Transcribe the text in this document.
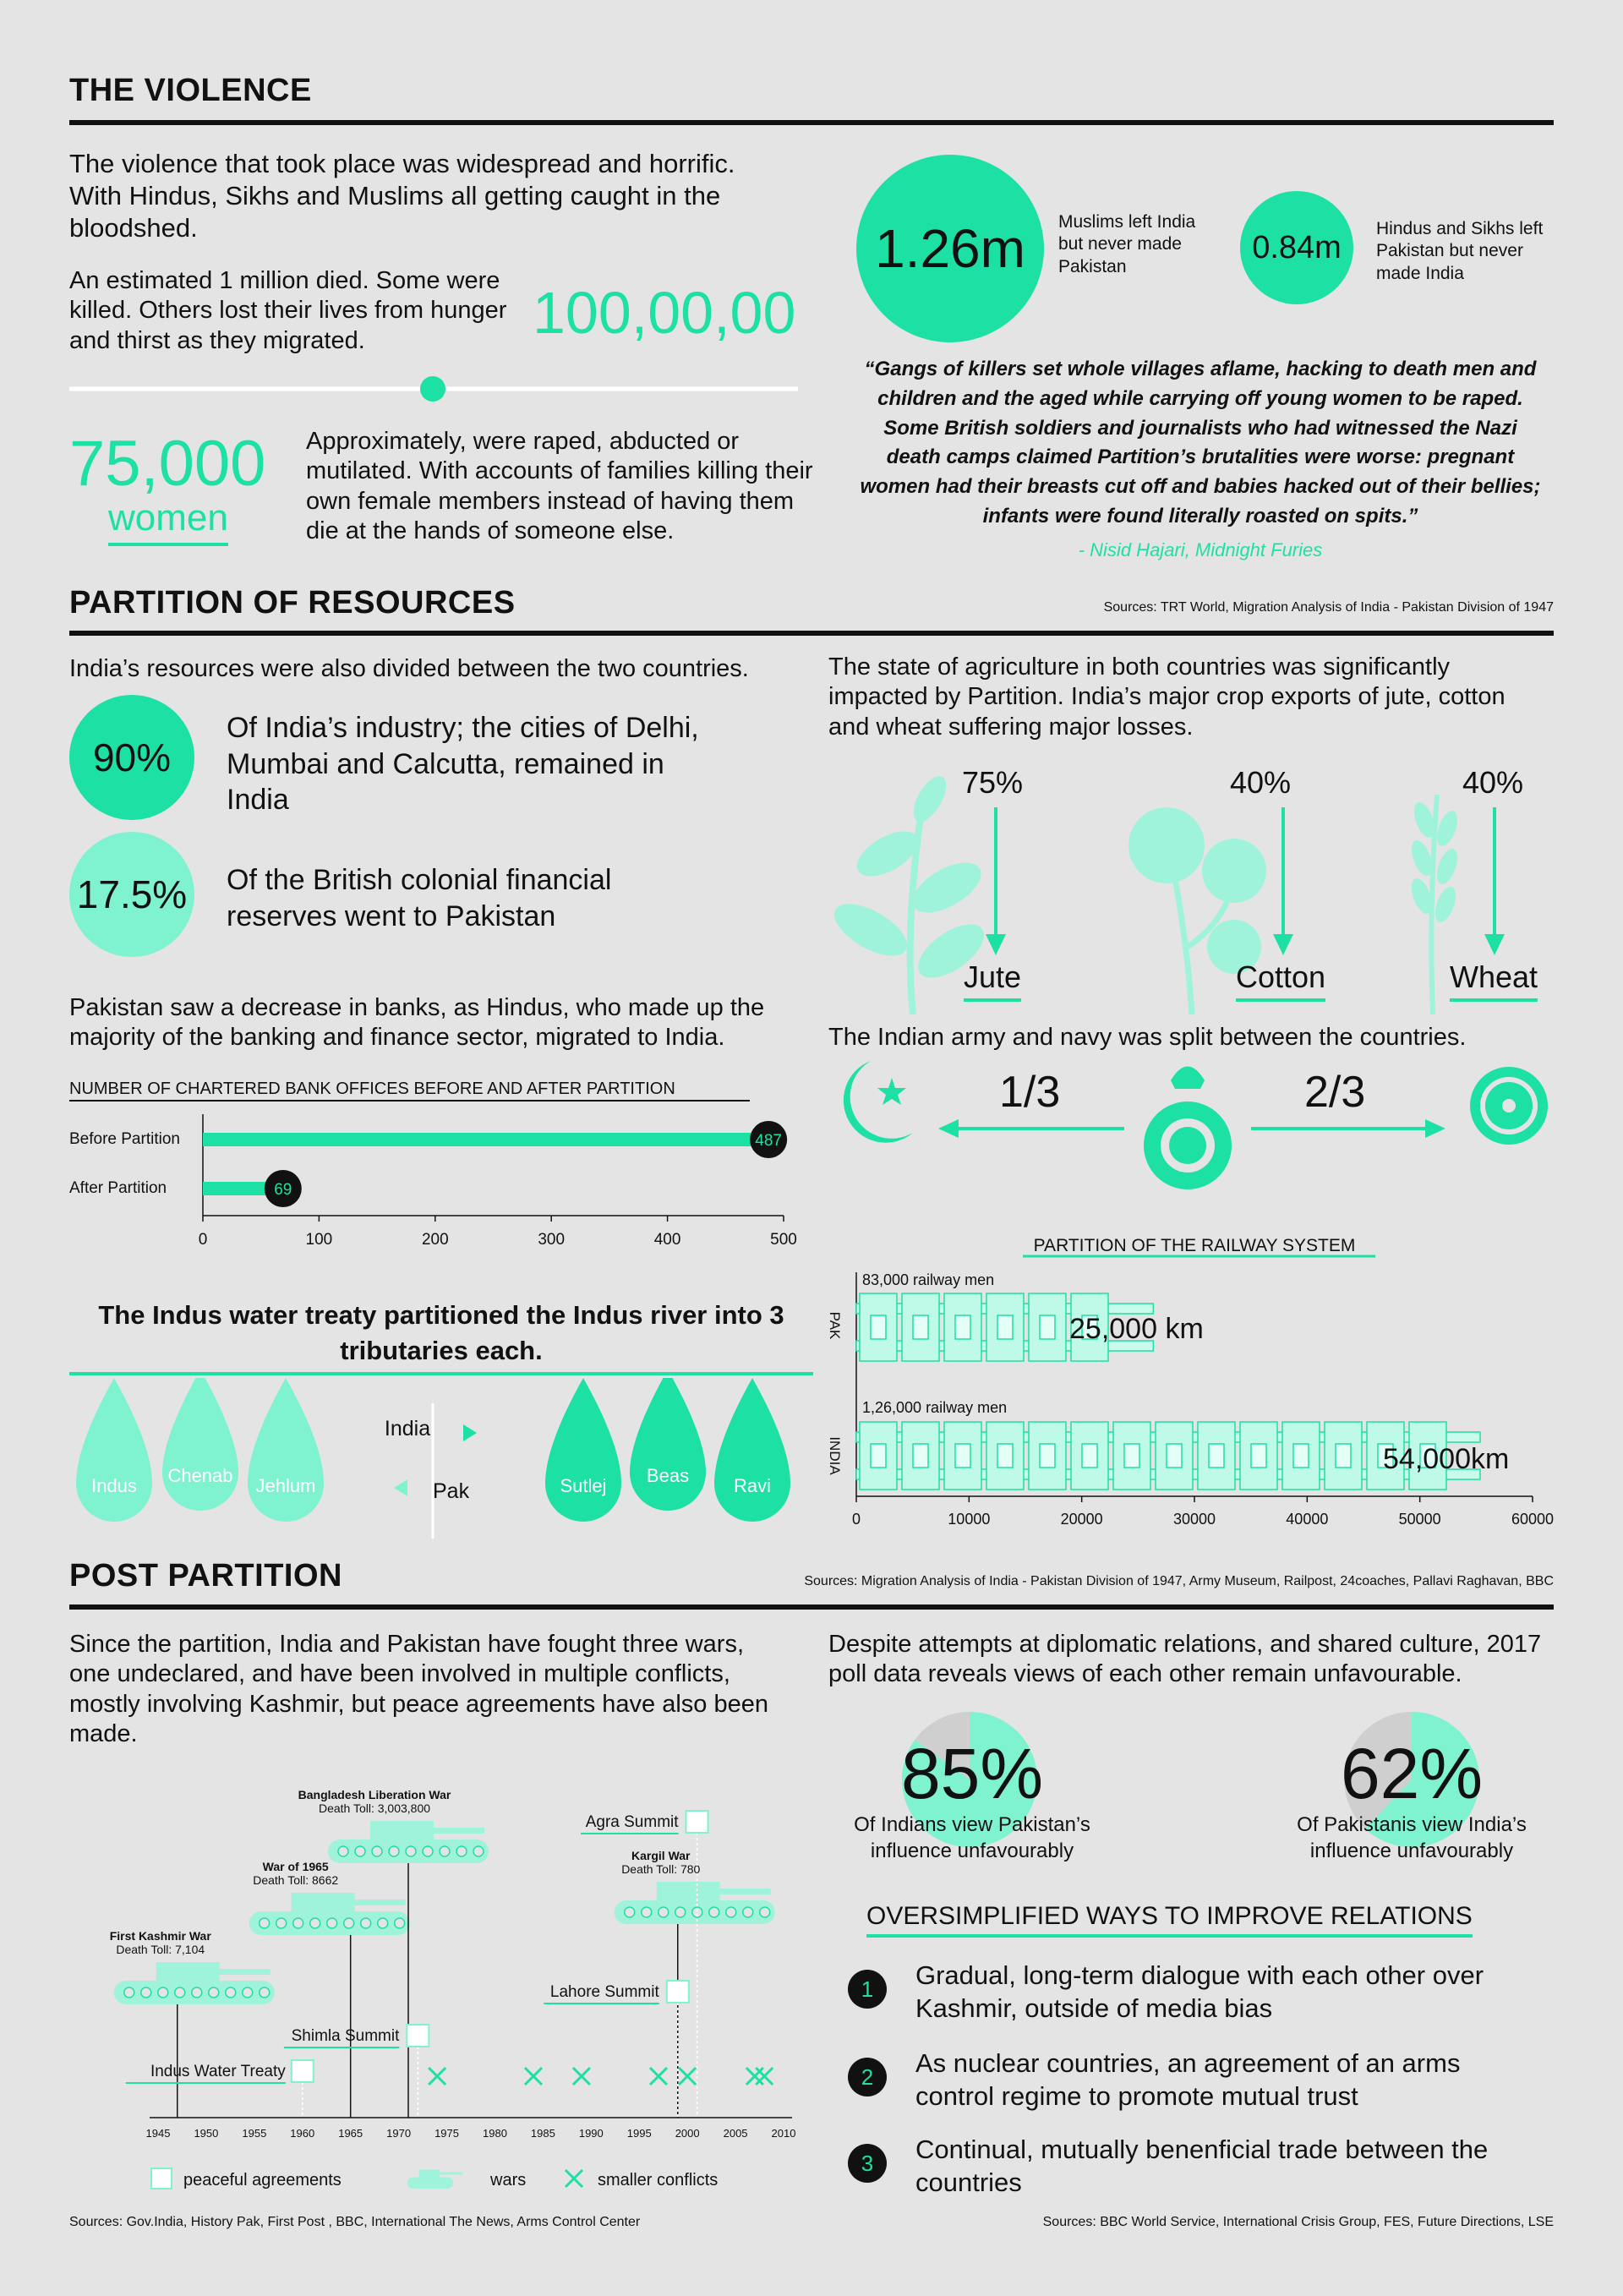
THE VIOLENCE
The violence that took place was widespread and horrific. With Hindus, Sikhs and Muslims all getting caught in the bloodshed.
An estimated 1 million died. Some were killed. Others lost their lives from hunger and thirst as they migrated.	100,00,00
75,000
women
Approximately, were raped, abducted or mutilated. With accounts of families killing their own female members instead of having them die at the hands of someone else.
1.26m Muslims left India but never made Pakistan
0.84m
Hindus and Sikhs left Pakistan but never made India
“Gangs of killers set whole villages aflame, hacking to death men and children and the aged while carrying off young women to be raped. Some British soldiers and journalists who had witnessed the Nazi death camps claimed Partition’s brutalities were worse: pregnant women had their breasts cut off and babies hacked out of their bellies; infants were found literally roasted on spits.”
- Nisid Hajari, Midnight Furies
PARTITION OF RESOURCES	Sources: TRT World, Migration Analysis of India - Pakistan Division of 1947
India’s resources were also divided between the two countries.
90%
Of India’s industry; the cities of Delhi, Mumbai and Calcutta, remained in India
17.5% Of the British colonial financial reserves went to Pakistan
Pakistan saw a decrease in banks, as Hindus, who made up the majority of the banking and finance sector, migrated to India.
NUMBER OF CHARTERED BANK OFFICES BEFORE AND AFTER PARTITION
Before Partition
After Partition
487
69
0	100	200	300	400	500
The state of agriculture in both countries was significantly impacted by Partition. India’s major crop exports of jute, cotton and wheat suffering major losses.
75%	40%	40%
Jute	Cotton	Wheat
The Indian army and navy was split between the countries.
1/3	2/3
The Indus water treaty partitioned the Indus river into 3 tributaries each.
Indus Chenab Jehlum
India
Pak	Sutlej Beas Ravi
PARTITION OF THE RAILWAY SYSTEM
PAK
INDIA
83,000 railway men
1,26,000 railway men
25,000 km
54,000km
0	10000	20000	30000	40000	50000	60000
POST PARTITION	Sources: Migration Analysis of India - Pakistan Division of 1947, Army Museum, Railpost, 24coaches, Pallavi Raghavan, BBC
Since the partition, India and Pakistan have fought three wars, one undeclared, and have been involved in multiple conflicts, mostly involving Kashmir, but peace agreements have also been made.
First Kashmir War
Death Toll: 7,104
War of 1965
Death Toll: 8662
Bangladesh Liberation War
Death Toll: 3,003,800
Kargil War
Death Toll: 780
Indus Water Treaty
Shimla Summit
Lahore Summit
Agra Summit
1945 1950 1955 1960 1965 1970 1975 1980 1985 1990 1995 2000 2005 2010
peaceful agreements	wars	smaller conflicts
Despite attempts at diplomatic relations, and shared culture, 2017 poll data reveals views of each other remain unfavourable.
85%
Of Indians view Pakistan’s influence unfavourably
62%
Of Pakistanis view India’s influence unfavourably
OVERSIMPLIFIED WAYS TO IMPROVE RELATIONS
1	Gradual, long-term dialogue with each other over Kashmir, outside of media bias
2	As nuclear countries, an agreement of an arms control regime to promote mutual trust
3	Continual, mutually benenficial trade between the countries
Sources: Gov.India, History Pak, First Post , BBC, International The News, Arms Control Center	Sources: BBC World Service, International Crisis Group, FES, Future Directions, LSE
